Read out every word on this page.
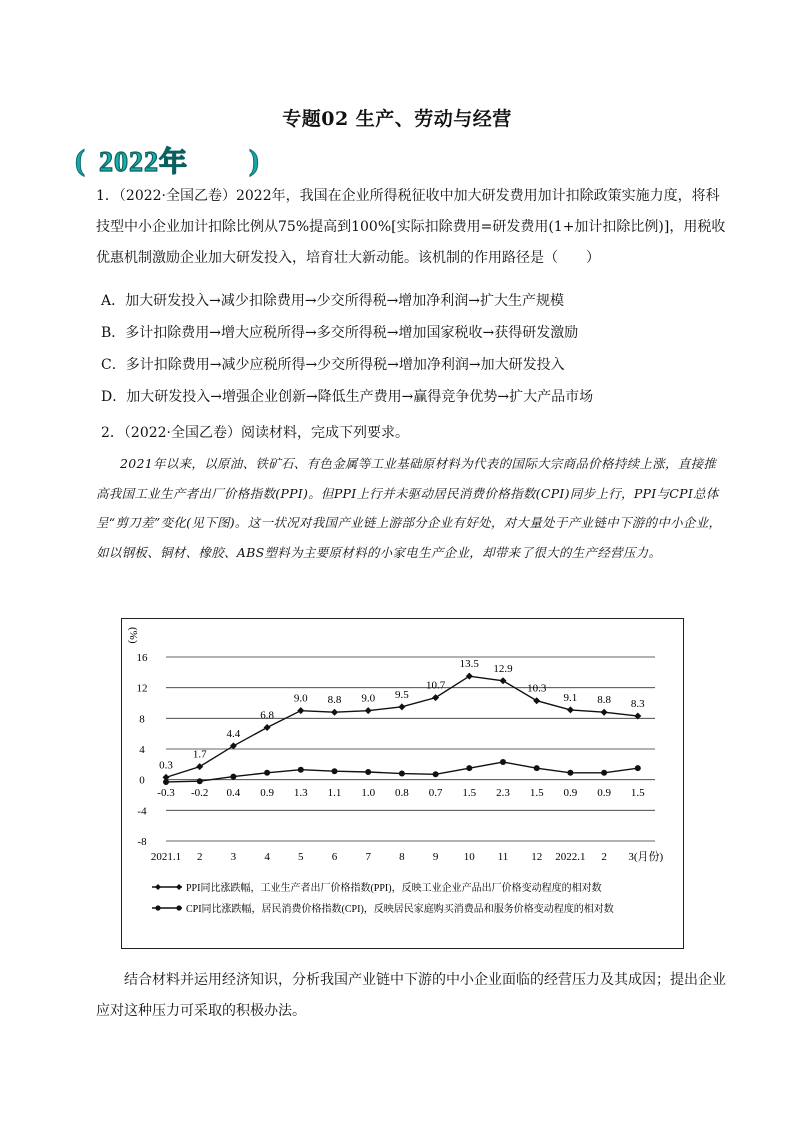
专题02 生产、劳动与经营
( 2022年 )
1．（2022·全国乙卷）2022年，我国在企业所得税征收中加大研发费用加计扣除政策实施力度，将科技型中小企业加计扣除比例从75%提高到100%[实际扣除费用=研发费用(1+加计扣除比例)]，用税收优惠机制激励企业加大研发投入，培育壮大新动能。该机制的作用路径是（　　）
A．加大研发投入→减少扣除费用→少交所得税→增加净利润→扩大生产规模
B．多计扣除费用→增大应税所得→多交所得税→增加国家税收→获得研发激励
C．多计扣除费用→减少应税所得→少交所得税→增加净利润→加大研发投入
D．加大研发投入→增强企业创新→降低生产费用→赢得竞争优势→扩大产品市场
2．（2022·全国乙卷）阅读材料，完成下列要求。
2021年以来，以原油、铁矿石、有色金属等工业基础原材料为代表的国际大宗商品价格持续上涨，直接推高我国工业生产者出厂价格指数(PPI)。但PPI上行并未驱动居民消费价格指数(CPI)同步上行，PPI与CPI总体呈“剪刀差”变化(见下图)。这一状况对我国产业链上游部分企业有好处，对大量处于产业链中下游的中小企业，如以钢板、铜材、橡胶、ABS塑料为主要原材料的小家电生产企业，却带来了很大的生产经营压力。
(%)
16
12
8
4
0
-4
-8
2021.1 2	3	4	5	6	7	8	9 10 11 12 2022.1 2 3(月份)
0.3
1.7
4.4
6.8
9.0 8.8 9.0 9.5
10.7
13.5 12.9
10.3
9.1 8.8 8.3
-0.3 -0.2 0.4 0.9 1.3 1.1 1.0 0.8 0.7 1.5 2.3 1.5 0.9 0.9 1.5
PPI同比涨跌幅，工业生产者出厂价格指数(PPI)，反映工业企业产品出厂价格变动程度的相对数
CPI同比涨跌幅，居民消费价格指数(CPI)，反映居民家庭购买消费品和服务价格变动程度的相对数
结合材料并运用经济知识，分析我国产业链中下游的中小企业面临的经营压力及其成因；提出企业应对这种压力可采取的积极办法。
